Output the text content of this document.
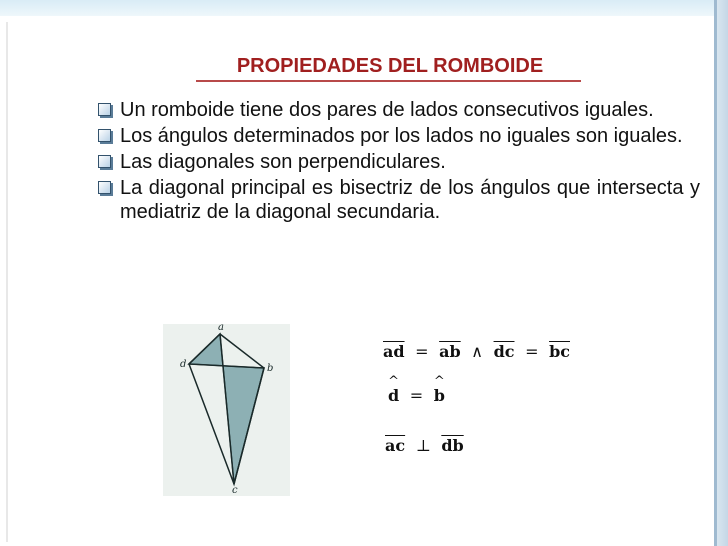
PROPIEDADES DEL ROMBOIDE
Un romboide tiene dos pares de lados consecutivos iguales.
Los ángulos determinados por los lados no iguales son iguales.
Las diagonales son perpendiculares.
La diagonal principal es bisectriz de los ángulos que intersecta y mediatriz de la diagonal secundaria.
a
d	b
c
$\overline{ad} = \overline{ab}$ ∧ $\overline{dc} = \overline{bc}$
^ d = ^ b
$\overline{ac}$ ⊥ $\overline{db}$
